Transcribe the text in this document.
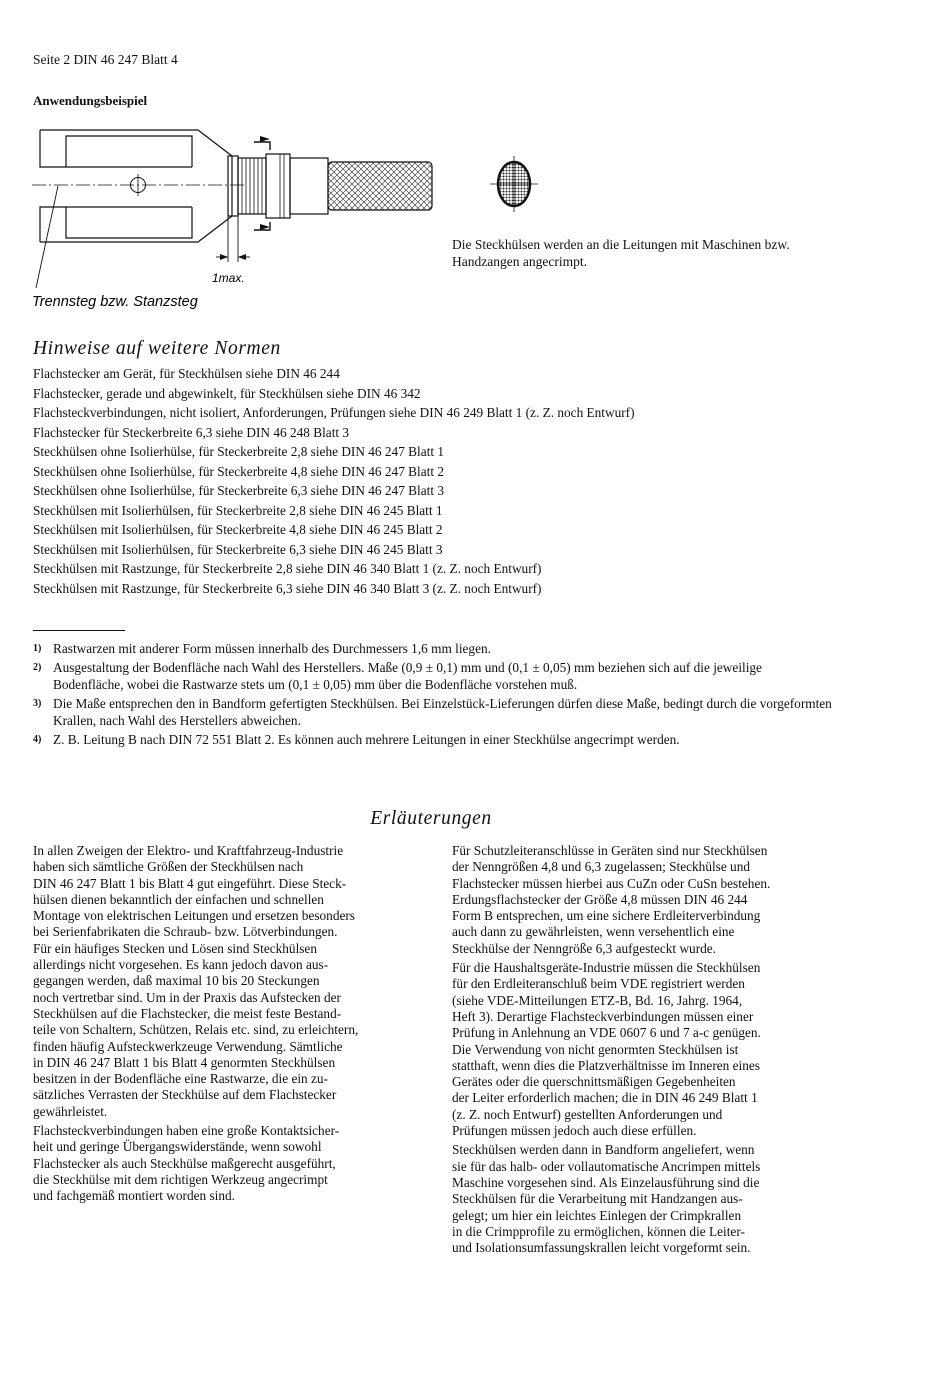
Seite 2 DIN 46 247 Blatt 4
Anwendungsbeispiel
1max.
Trennsteg bzw. Stanzsteg
Die Steckhülsen werden an die Leitungen mit Maschinen bzw. Handzangen angecrimpt.
Hinweise auf weitere Normen
Flachstecker am Gerät, für Steckhülsen siehe DIN 46 244
Flachstecker, gerade und abgewinkelt, für Steckhülsen siehe DIN 46 342
Flachsteckverbindungen, nicht isoliert, Anforderungen, Prüfungen siehe DIN 46 249 Blatt 1 (z. Z. noch Entwurf)
Flachstecker für Steckerbreite 6,3 siehe DIN 46 248 Blatt 3
Steckhülsen ohne Isolierhülse, für Steckerbreite 2,8 siehe DIN 46 247 Blatt 1
Steckhülsen ohne Isolierhülse, für Steckerbreite 4,8 siehe DIN 46 247 Blatt 2
Steckhülsen ohne Isolierhülse, für Steckerbreite 6,3 siehe DIN 46 247 Blatt 3
Steckhülsen mit Isolierhülsen, für Steckerbreite 2,8 siehe DIN 46 245 Blatt 1
Steckhülsen mit Isolierhülsen, für Steckerbreite 4,8 siehe DIN 46 245 Blatt 2
Steckhülsen mit Isolierhülsen, für Steckerbreite 6,3 siehe DIN 46 245 Blatt 3
Steckhülsen mit Rastzunge, für Steckerbreite 2,8 siehe DIN 46 340 Blatt 1 (z. Z. noch Entwurf)
Steckhülsen mit Rastzunge, für Steckerbreite 6,3 siehe DIN 46 340 Blatt 3 (z. Z. noch Entwurf)
1) Rastwarzen mit anderer Form müssen innerhalb des Durchmessers 1,6 mm liegen.
2) Ausgestaltung der Bodenfläche nach Wahl des Herstellers. Maße (0,9 ± 0,1) mm und (0,1 ± 0,05) mm beziehen sich auf die jeweilige Bodenfläche, wobei die Rastwarze stets um (0,1 ± 0,05) mm über die Bodenfläche vorstehen muß.
3) Die Maße entsprechen den in Bandform gefertigten Steckhülsen. Bei Einzelstück-Lieferungen dürfen diese Maße, bedingt durch die vorgeformten Krallen, nach Wahl des Herstellers abweichen.
4) Z. B. Leitung B nach DIN 72 551 Blatt 2. Es können auch mehrere Leitungen in einer Steckhülse angecrimpt werden.
Erläuterungen

In allen Zweigen der Elektro- und Kraftfahrzeug-Industrie
haben sich sämtliche Größen der Steckhülsen nach
DIN 46 247 Blatt 1 bis Blatt 4 gut eingeführt. Diese Steck-
hülsen dienen bekanntlich der einfachen und schnellen
Montage von elektrischen Leitungen und ersetzen besonders
bei Serienfabrikaten die Schraub- bzw. Lötverbindungen.
Für ein häufiges Stecken und Lösen sind Steckhülsen
allerdings nicht vorgesehen. Es kann jedoch davon aus-
gegangen werden, daß maximal 10 bis 20 Steckungen
noch vertretbar sind. Um in der Praxis das Aufstecken der
Steckhülsen auf die Flachstecker, die meist feste Bestand-
teile von Schaltern, Schützen, Relais etc. sind, zu erleichtern,
finden häufig Aufsteckwerkzeuge Verwendung. Sämtliche
in DIN 46 247 Blatt 1 bis Blatt 4 genormten Steckhülsen
besitzen in der Bodenfläche eine Rastwarze, die ein zu-
sätzliches Verrasten der Steckhülse auf dem Flachstecker
gewährleistet.

Flachsteckverbindungen haben eine große Kontaktsicher-
heit und geringe Übergangswiderstände, wenn sowohl
Flachstecker als auch Steckhülse maßgerecht ausgeführt,
die Steckhülse mit dem richtigen Werkzeug angecrimpt
und fachgemäß montiert worden sind.

Für Schutzleiteranschlüsse in Geräten sind nur Steckhülsen
der Nenngrößen 4,8 und 6,3 zugelassen; Steckhülse und
Flachstecker müssen hierbei aus CuZn oder CuSn bestehen.
Erdungsflachstecker der Größe 4,8 müssen DIN 46 244
Form B entsprechen, um eine sichere Erdleiterverbindung
auch dann zu gewährleisten, wenn versehentlich eine
Steckhülse der Nenngröße 6,3 aufgesteckt wurde.

Für die Haushaltsgeräte-Industrie müssen die Steckhülsen
für den Erdleiteranschluß beim VDE registriert werden
(siehe VDE-Mitteilungen ETZ-B, Bd. 16, Jahrg. 1964,
Heft 3). Derartige Flachsteckverbindungen müssen einer
Prüfung in Anlehnung an VDE 0607 6 und 7 a-c genügen.
Die Verwendung von nicht genormten Steckhülsen ist
statthaft, wenn dies die Platzverhältnisse im Inneren eines
Gerätes oder die querschnittsmäßigen Gegebenheiten
der Leiter erforderlich machen; die in DIN 46 249 Blatt 1
(z. Z. noch Entwurf) gestellten Anforderungen und
Prüfungen müssen jedoch auch diese erfüllen.

Steckhülsen werden dann in Bandform angeliefert, wenn
sie für das halb- oder vollautomatische Ancrimpen mittels
Maschine vorgesehen sind. Als Einzelausführung sind die
Steckhülsen für die Verarbeitung mit Handzangen aus-
gelegt; um hier ein leichtes Einlegen der Crimpkrallen
in die Crimpprofile zu ermöglichen, können die Leiter-
und Isolationsumfassungskrallen leicht vorgeformt sein.
